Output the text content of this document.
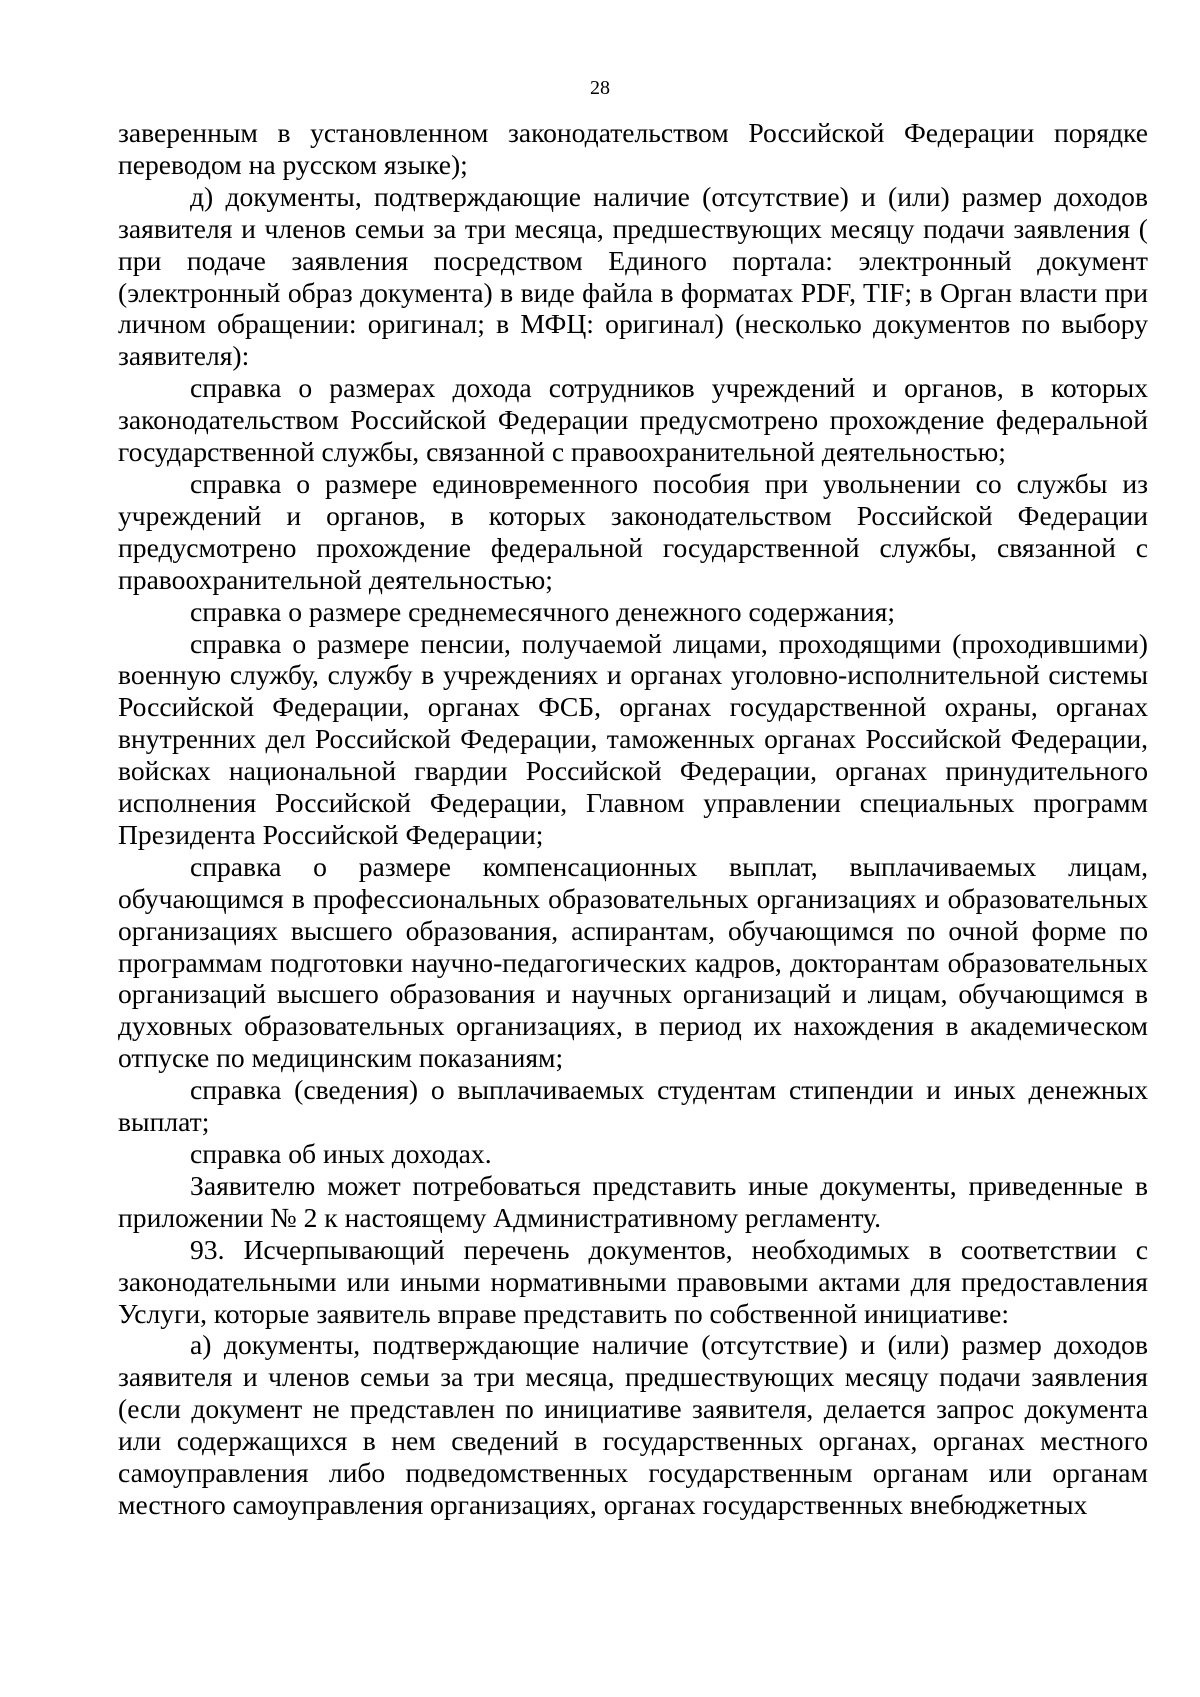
28

заверенным в установленном законодательством Российской Федерации порядке переводом на русском языке);

д) документы, подтверждающие наличие (отсутствие) и (или) размер доходов заявителя и членов семьи за три месяца, предшествующих месяцу подачи заявления ( при подаче заявления посредством Единого портала: электронный документ (электронный образ документа) в виде файла в форматах PDF, TIF; в Орган власти при личном обращении: оригинал; в МФЦ: оригинал) (несколько документов по выбору заявителя):

справка о размерах дохода сотрудников учреждений и органов, в которых законодательством Российской Федерации предусмотрено прохождение федеральной государственной службы, связанной с правоохранительной деятельностью;

справка о размере единовременного пособия при увольнении со службы из учреждений и органов, в которых законодательством Российской Федерации предусмотрено прохождение федеральной государственной службы, связанной с правоохранительной деятельностью;

справка о размере среднемесячного денежного содержания;

справка о размере пенсии, получаемой лицами, проходящими (проходившими) военную службу, службу в учреждениях и органах уголовно-исполнительной системы Российской Федерации, органах ФСБ, органах государственной охраны, органах внутренних дел Российской Федерации, таможенных органах Российской Федерации, войсках национальной гвардии Российской Федерации, органах принудительного исполнения Российской Федерации, Главном управлении специальных программ Президента Российской Федерации;

справка о размере компенсационных выплат, выплачиваемых лицам, обучающимся в профессиональных образовательных организациях и образовательных организациях высшего образования, аспирантам, обучающимся по очной форме по программам подготовки научно-педагогических кадров, докторантам образовательных организаций высшего образования и научных организаций и лицам, обучающимся в духовных образовательных организациях, в период их нахождения в академическом отпуске по медицинским показаниям;

справка (сведения) о выплачиваемых студентам стипендии и иных денежных выплат;

справка об иных доходах.

Заявителю может потребоваться представить иные документы, приведенные в приложении № 2 к настоящему Административному регламенту.

93. Исчерпывающий перечень документов, необходимых в соответствии с законодательными или иными нормативными правовыми актами для предоставления Услуги, которые заявитель вправе представить по собственной инициативе:

а) документы, подтверждающие наличие (отсутствие) и (или) размер доходов заявителя и членов семьи за три месяца, предшествующих месяцу подачи заявления (если документ не представлен по инициативе заявителя, делается запрос документа или содержащихся в нем сведений в государственных органах, органах местного самоуправления либо подведомственных государственным органам или органам местного самоуправления организациях, органах государственных внебюджетных
